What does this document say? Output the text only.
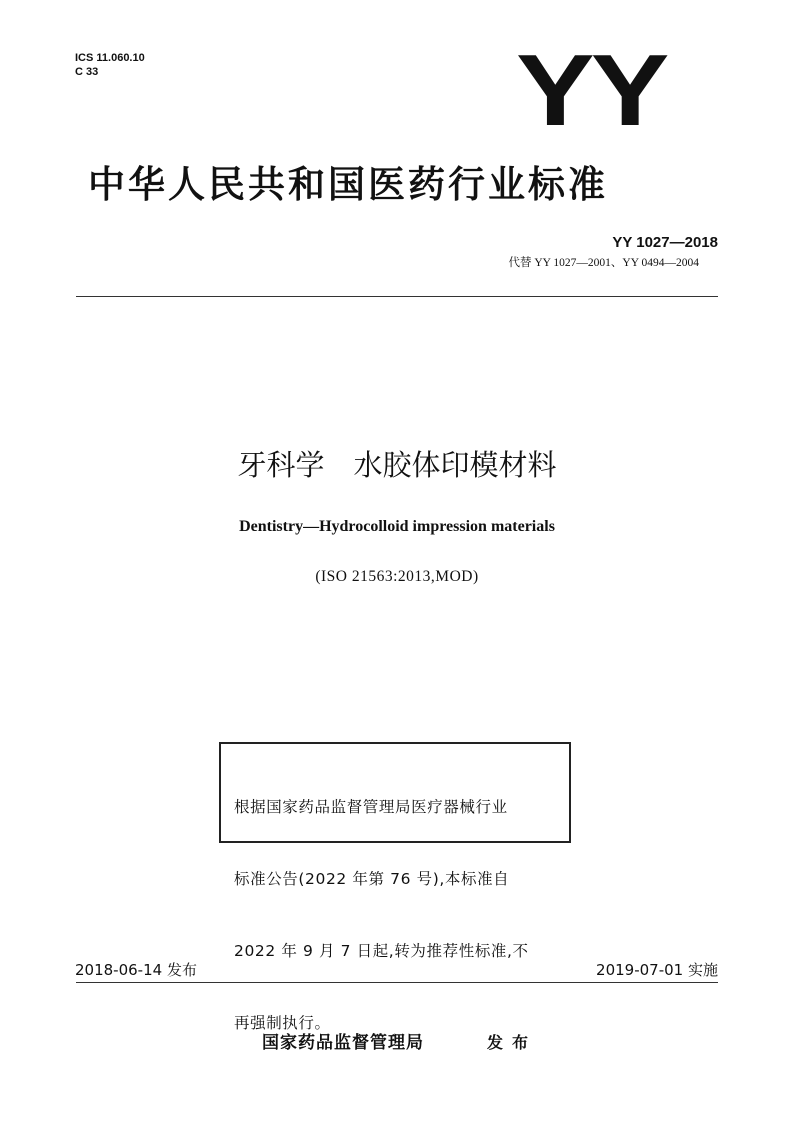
ICS 11.060.10
C 33	YY
中华人民共和国医药行业标准
YY 1027—2018
代替 YY 1027—2001、YY 0494—2004
牙科学　水胶体印模材料
Dentistry—Hydrocolloid impression materials
(ISO 21563:2013,MOD)

根据国家药品监督管理局医疗器械行业

标准公告(2022 年第 76 号),本标准自

2022 年 9 月 7 日起,转为推荐性标准,不

再强制执行。

2018-06-14 发布	2019-07-01 实施
国家药品监督管理局	发布
